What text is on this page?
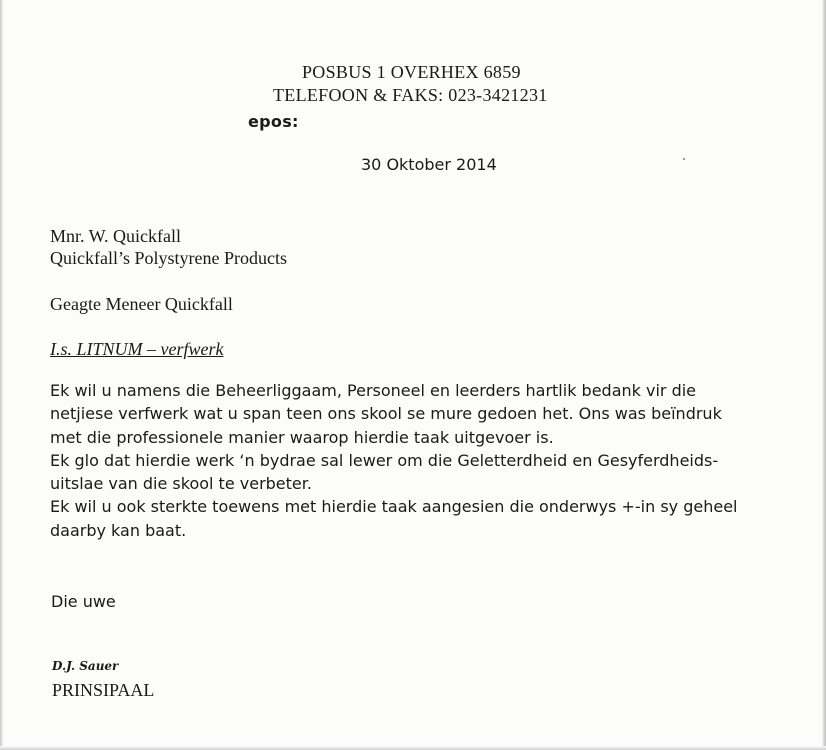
POSBUS 1 OVERHEX 6859
TELEFOON & FAKS: 023-3421231
epos:
30 Oktober 2014
Mnr. W. Quickfall
Quickfall’s Polystyrene Products
Geagte Meneer Quickfall
I.s. LITNUM – verfwerk
Ek wil u namens die Beheerliggaam, Personeel en leerders hartlik bedank vir die
netjiese verfwerk wat u span teen ons skool se mure gedoen het. Ons was beïndruk
met die professionele manier waarop hierdie taak uitgevoer is.
Ek glo dat hierdie werk ‘n bydrae sal lewer om die Geletterdheid en Gesyferdheids-
uitslae van die skool te verbeter.
Ek wil u ook sterkte toewens met hierdie taak aangesien die onderwys +-in sy geheel
daarby kan baat.
Die uwe
D.J. Sauer
PRINSIPAAL
